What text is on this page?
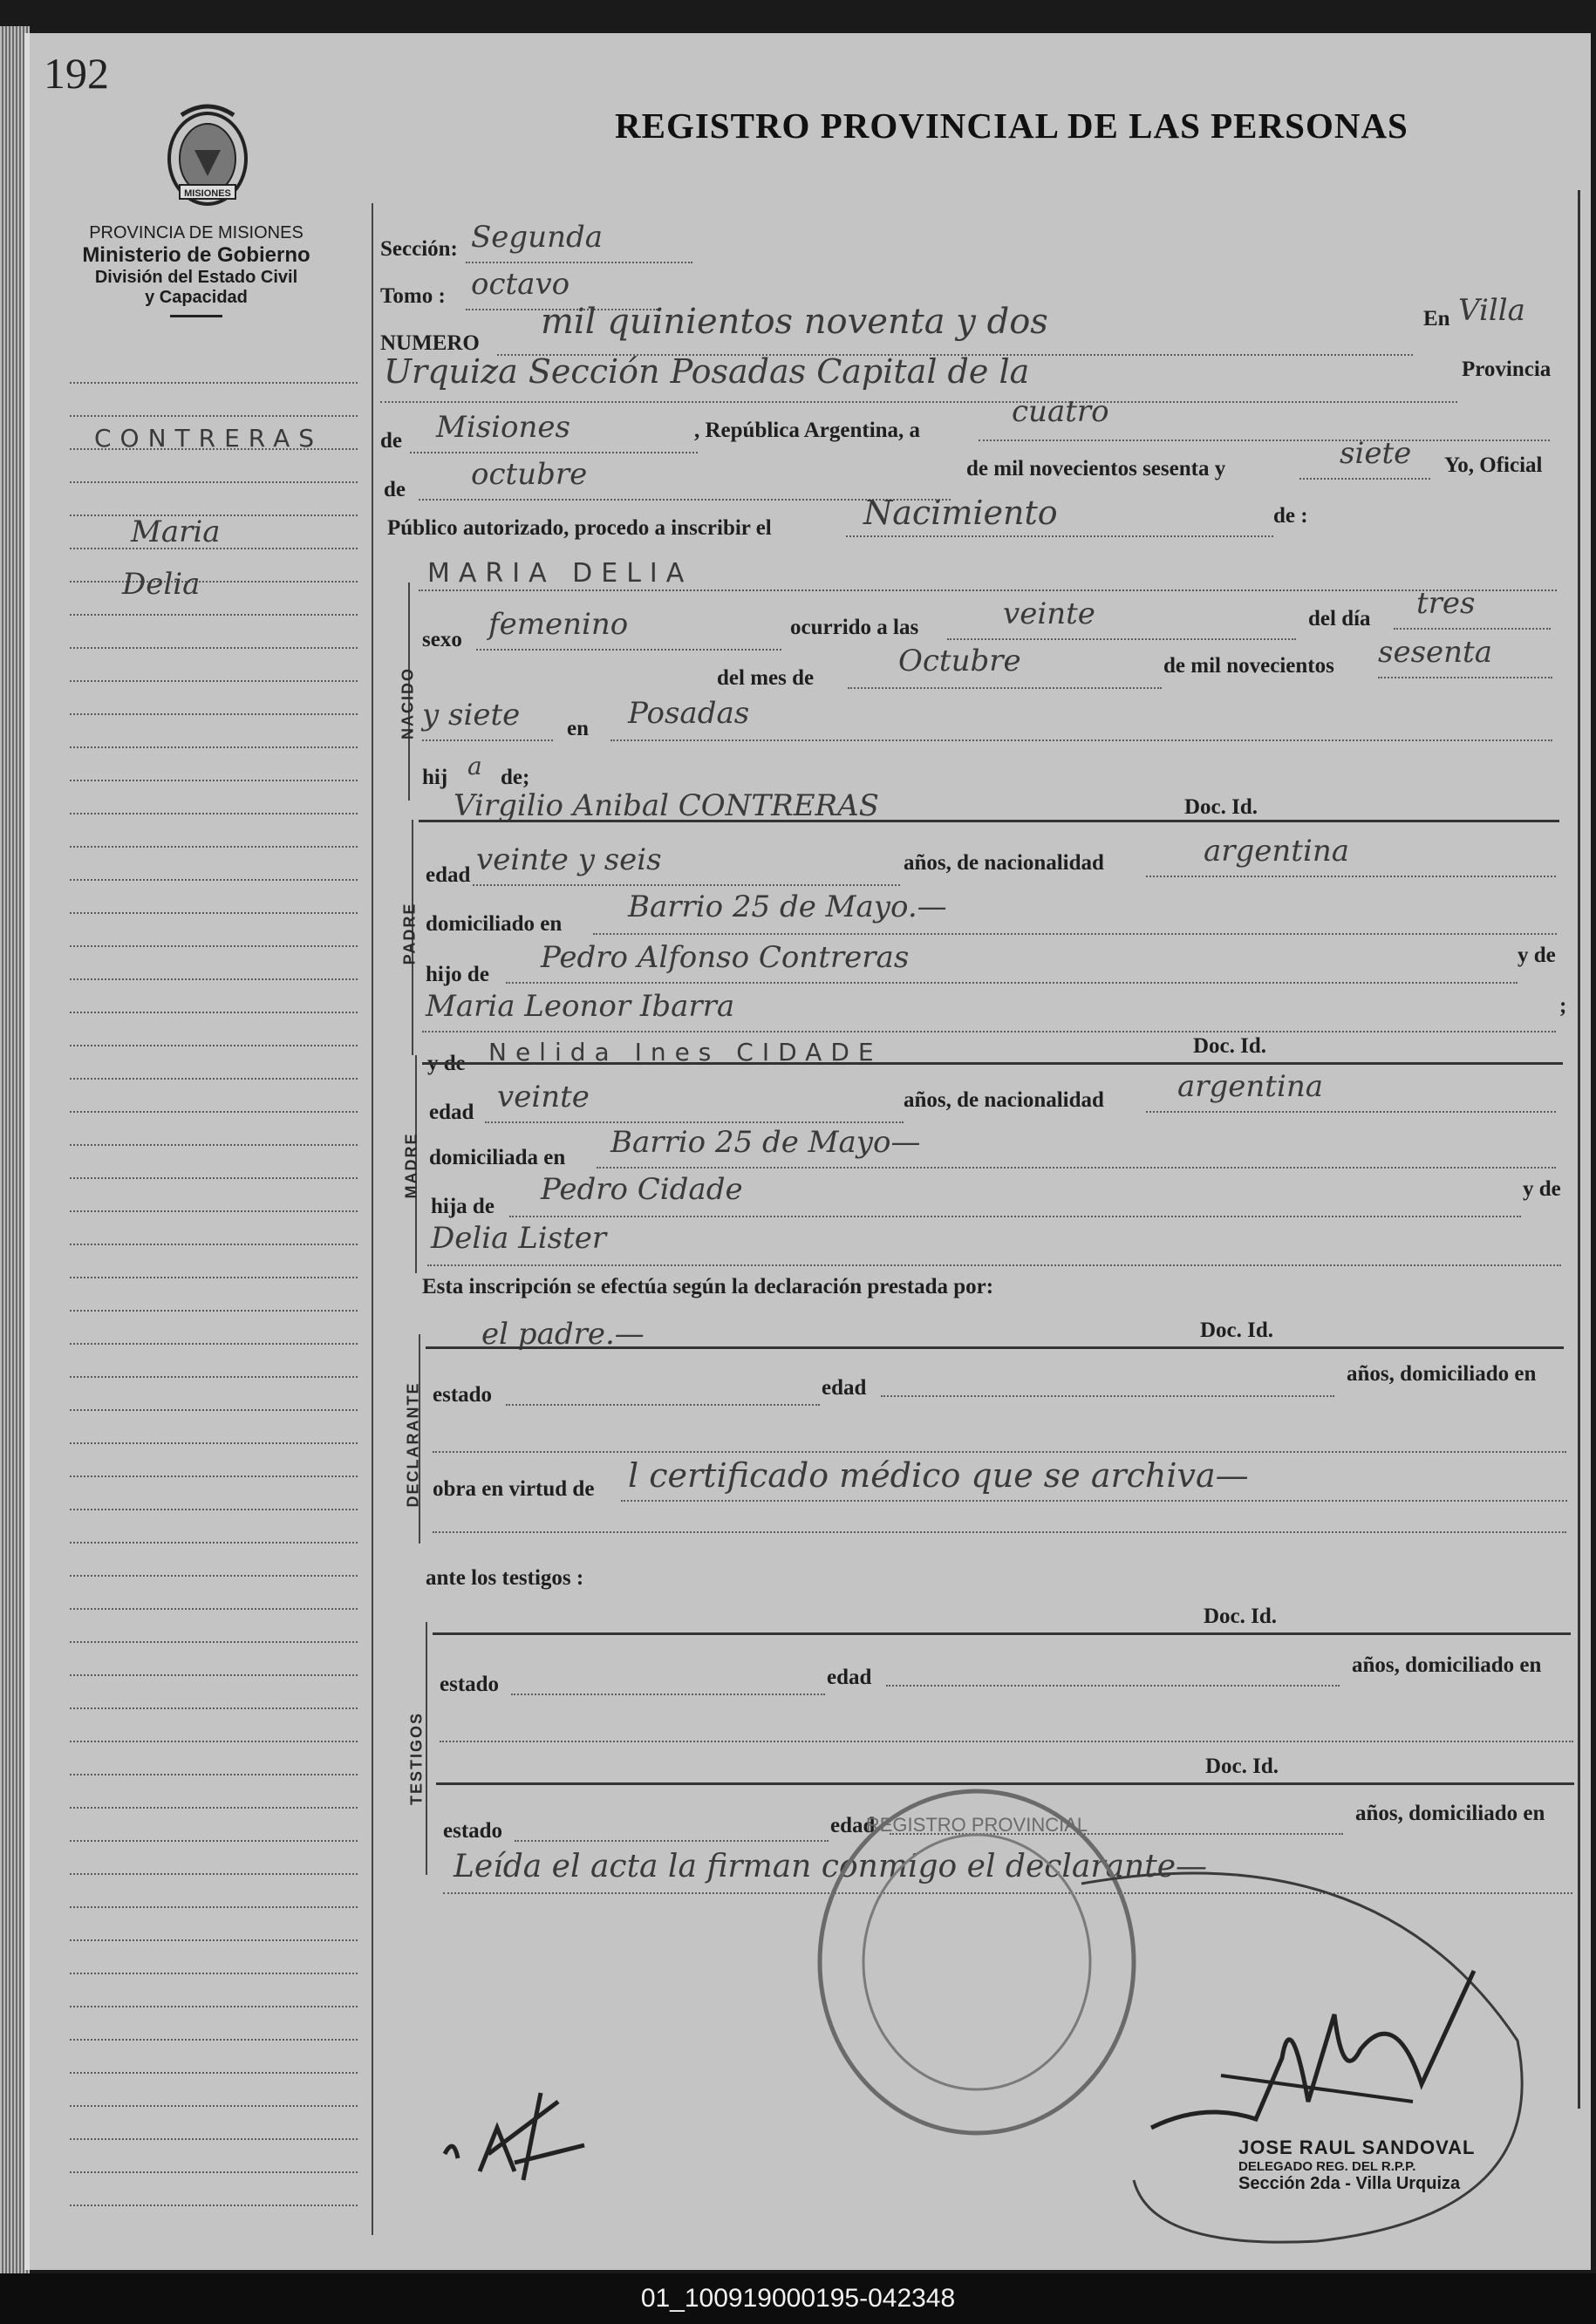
192
MISIONES
PROVINCIA DE MISIONES
Ministerio de Gobierno
División del Estado Civil
y Capacidad
REGISTRO PROVINCIAL DE LAS PERSONAS
CONTRERAS
Maria
Delia
Sección: Segunda
Tomo : octavo
NUMERO
mil quinientos noventa y dos	En Villa
Urquiza Sección Posadas Capital de la	Provincia
de Misiones	, República Argentina, a
cuatro
de octubre	de mil novecientos sesenta y	siete Yo, Oficial
Público autorizado, procedo a inscribir el	Nacimiento	de :
NACIDO
MARIA DELIA
sexo femenino	ocurrido a las	veinte	del día tres
del mes de	Octubre	de mil novecientos sesenta
y siete en Posadas
hij a de;
PADRE
Virgilio Anibal CONTRERAS	Doc. Id.
edad veinte y seis	años, de nacionalidad	argentina
domiciliado en Barrio 25 de Mayo.—
hijo de Pedro Alfonso Contreras	y de
Maria Leonor Ibarra	;
MADRE
y de Nelida Ines CIDADE	Doc. Id.
edad veinte	años, de nacionalidad argentina
domiciliada en Barrio 25 de Mayo—
hija de Pedro Cidade	y de
Delia Lister
Esta inscripción se efectúa según la declaración prestada por:
DECLARANTE
el padre.—	Doc. Id.
estado	edad
años, domiciliado en
obra en virtud de l certificado médico que se archiva—
ante los testigos :
TESTIGOS
Doc. Id.
estado	edad
años, domiciliado en
Doc. Id.
estado	edad
años, domiciliado en
Leída el acta la firman conmigo el declarante—
REGISTRO PROVINCIAL
JOSE RAUL SANDOVAL
DELEGADO REG. DEL R.P.P.
Sección 2da - Villa Urquiza
01_100919000195-042348
